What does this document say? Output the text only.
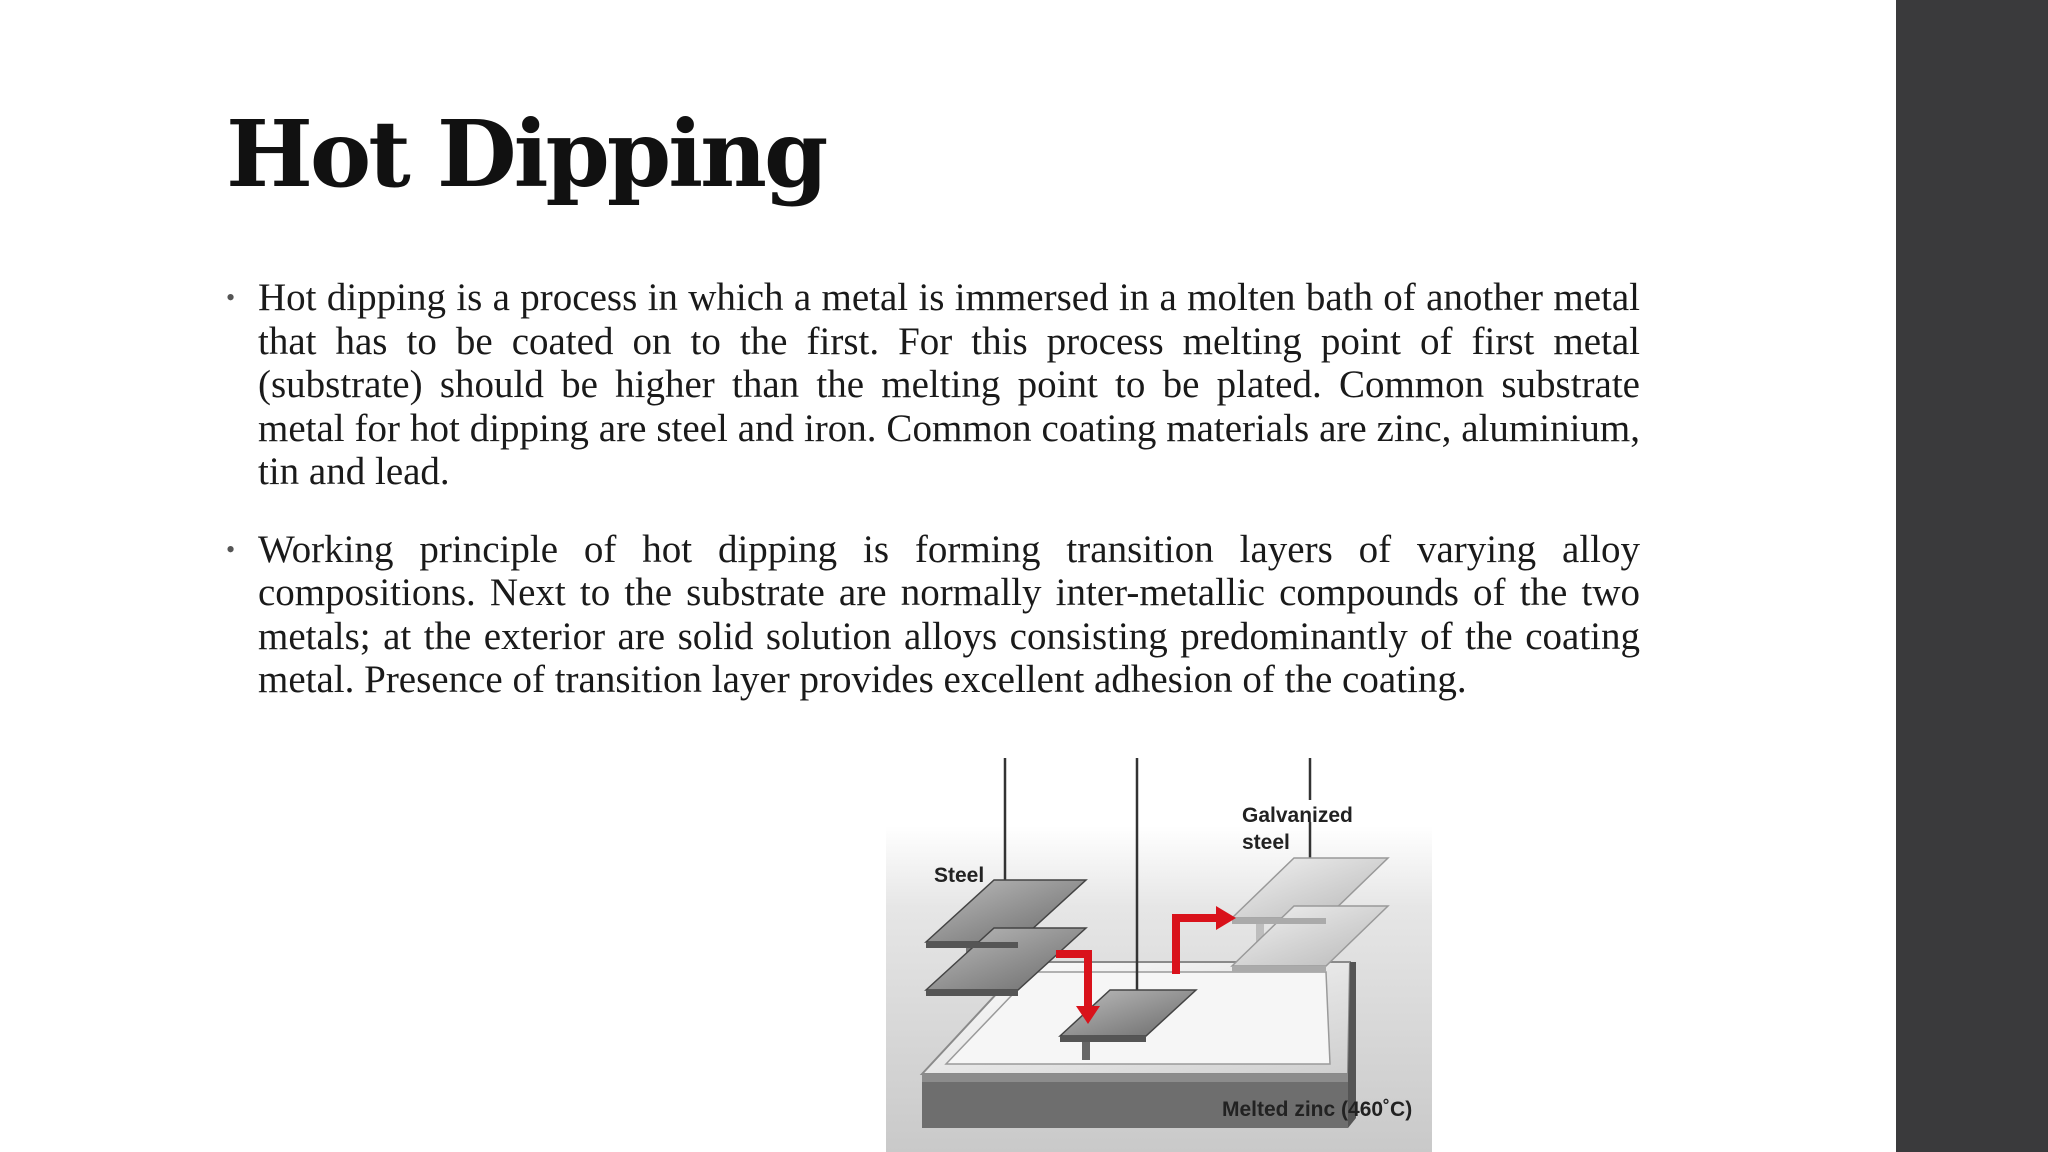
Hot Dipping
• Hot dipping is a process in which a metal is immersed in a molten bath of another metal that has to be coated on to the first. For this process melting point of first metal (substrate) should be higher than the melting point to be plated. Common substrate metal for hot dipping are steel and iron. Common coating materials are zinc, aluminium, tin and lead.
• Working principle of hot dipping is forming transition layers of varying alloy compositions. Next to the substrate are normally inter-metallic compounds of the two metals; at the exterior are solid solution alloys consisting predominantly of the coating metal. Presence of transition layer provides excellent adhesion of the coating.
Steel
Galvanized
steel
Melted zinc (460˚C)
